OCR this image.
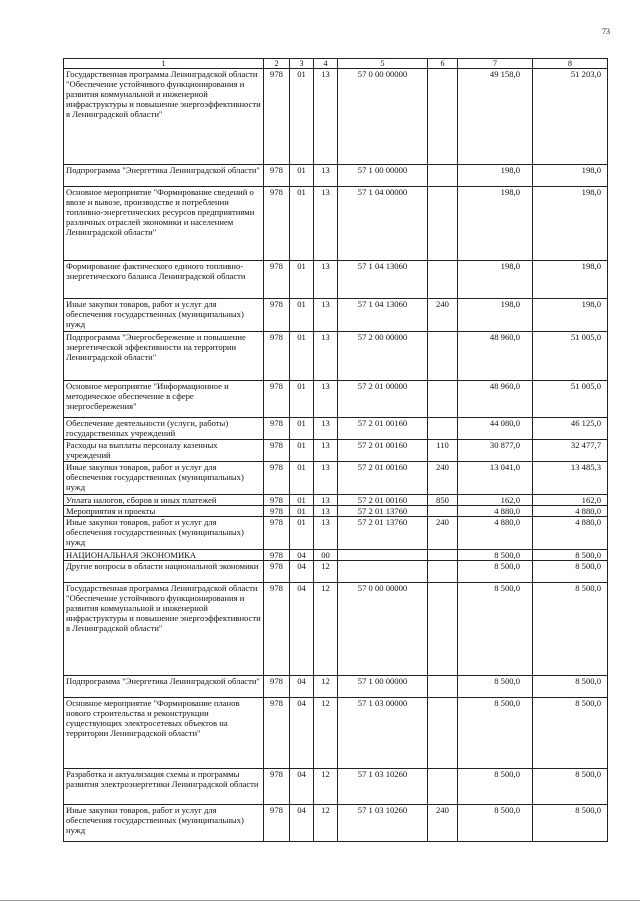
73
1	2	3	4	5	6	7	8
Государственная программа Ленинградской области "Обеспечение устойчивого функционирования и развития коммунальной и инженерной инфраструктуры и повышение энергоэффективности в Ленинградской области"	978	01	13	57 0 00 00000		49 158,0	51 203,0
Подпрограмма "Энергетика Ленинградской области"	978	01	13	57 1 00 00000		198,0	198,0
Основное мероприятие "Формирование сведений о ввозе и вывозе, производстве и потреблении топливно-энергетических ресурсов предприятиями различных отраслей экономики и населением Ленинградской области"	978	01	13	57 1 04 00000		198,0	198,0
Формирование фактического единого топливно-энергетического баланса Ленинградской области	978	01	13	57 1 04 13060		198,0	198,0
Иные закупки товаров, работ и услуг для обеспечения государственных (муниципальных) нужд	978	01	13	57 1 04 13060	240	198,0	198,0
Подпрограмма "Энергосбережение и повышение энергетической эффективности на территории Ленинградской области"	978	01	13	57 2 00 00000		48 960,0	51 005,0
Основное мероприятие "Информационное и методическое обеспечение в сфере энергосбережения"	978	01	13	57 2 01 00000		48 960,0	51 005,0
Обеспечение деятельности (услуги, работы) государственных учреждений	978	01	13	57 2 01 00160		44 080,0	46 125,0
Расходы на выплаты персоналу казенных учреждений	978	01	13	57 2 01 00160	110	30 877,0	32 477,7
Иные закупки товаров, работ и услуг для обеспечения государственных (муниципальных) нужд	978	01	13	57 2 01 00160	240	13 041,0	13 485,3
Уплата налогов, сборов и иных платежей	978	01	13	57 2 01 00160	850	162,0	162,0
Мероприятия и проекты	978	01	13	57 2 01 13760		4 880,0	4 880,0
Иные закупки товаров, работ и услуг для обеспечения государственных (муниципальных) нужд	978	01	13	57 2 01 13760	240	4 880,0	4 880,0
НАЦИОНАЛЬНАЯ ЭКОНОМИКА	978	04	00			8 500,0	8 500,0
Другие вопросы в области национальной экономики	978	04	12			8 500,0	8 500,0
Государственная программа Ленинградской области "Обеспечение устойчивого функционирования и развития коммунальной и инженерной инфраструктуры и повышение энергоэффективности в Ленинградской области"	978	04	12	57 0 00 00000		8 500,0	8 500,0
Подпрограмма "Энергетика Ленинградской области"	978	04	12	57 1 00 00000		8 500,0	8 500,0
Основное мероприятие "Формирование планов нового строительства и реконструкции существующих электросетевых объектов на территории Ленинградской области"	978	04	12	57 1 03 00000		8 500,0	8 500,0
Разработка и актуализация схемы и программы развития электроэнергетики Ленинградской области	978	04	12	57 1 03 10260		8 500,0	8 500,0
Иные закупки товаров, работ и услуг для обеспечения государственных (муниципальных) нужд	978	04	12	57 1 03 10260	240	8 500,0	8 500,0
